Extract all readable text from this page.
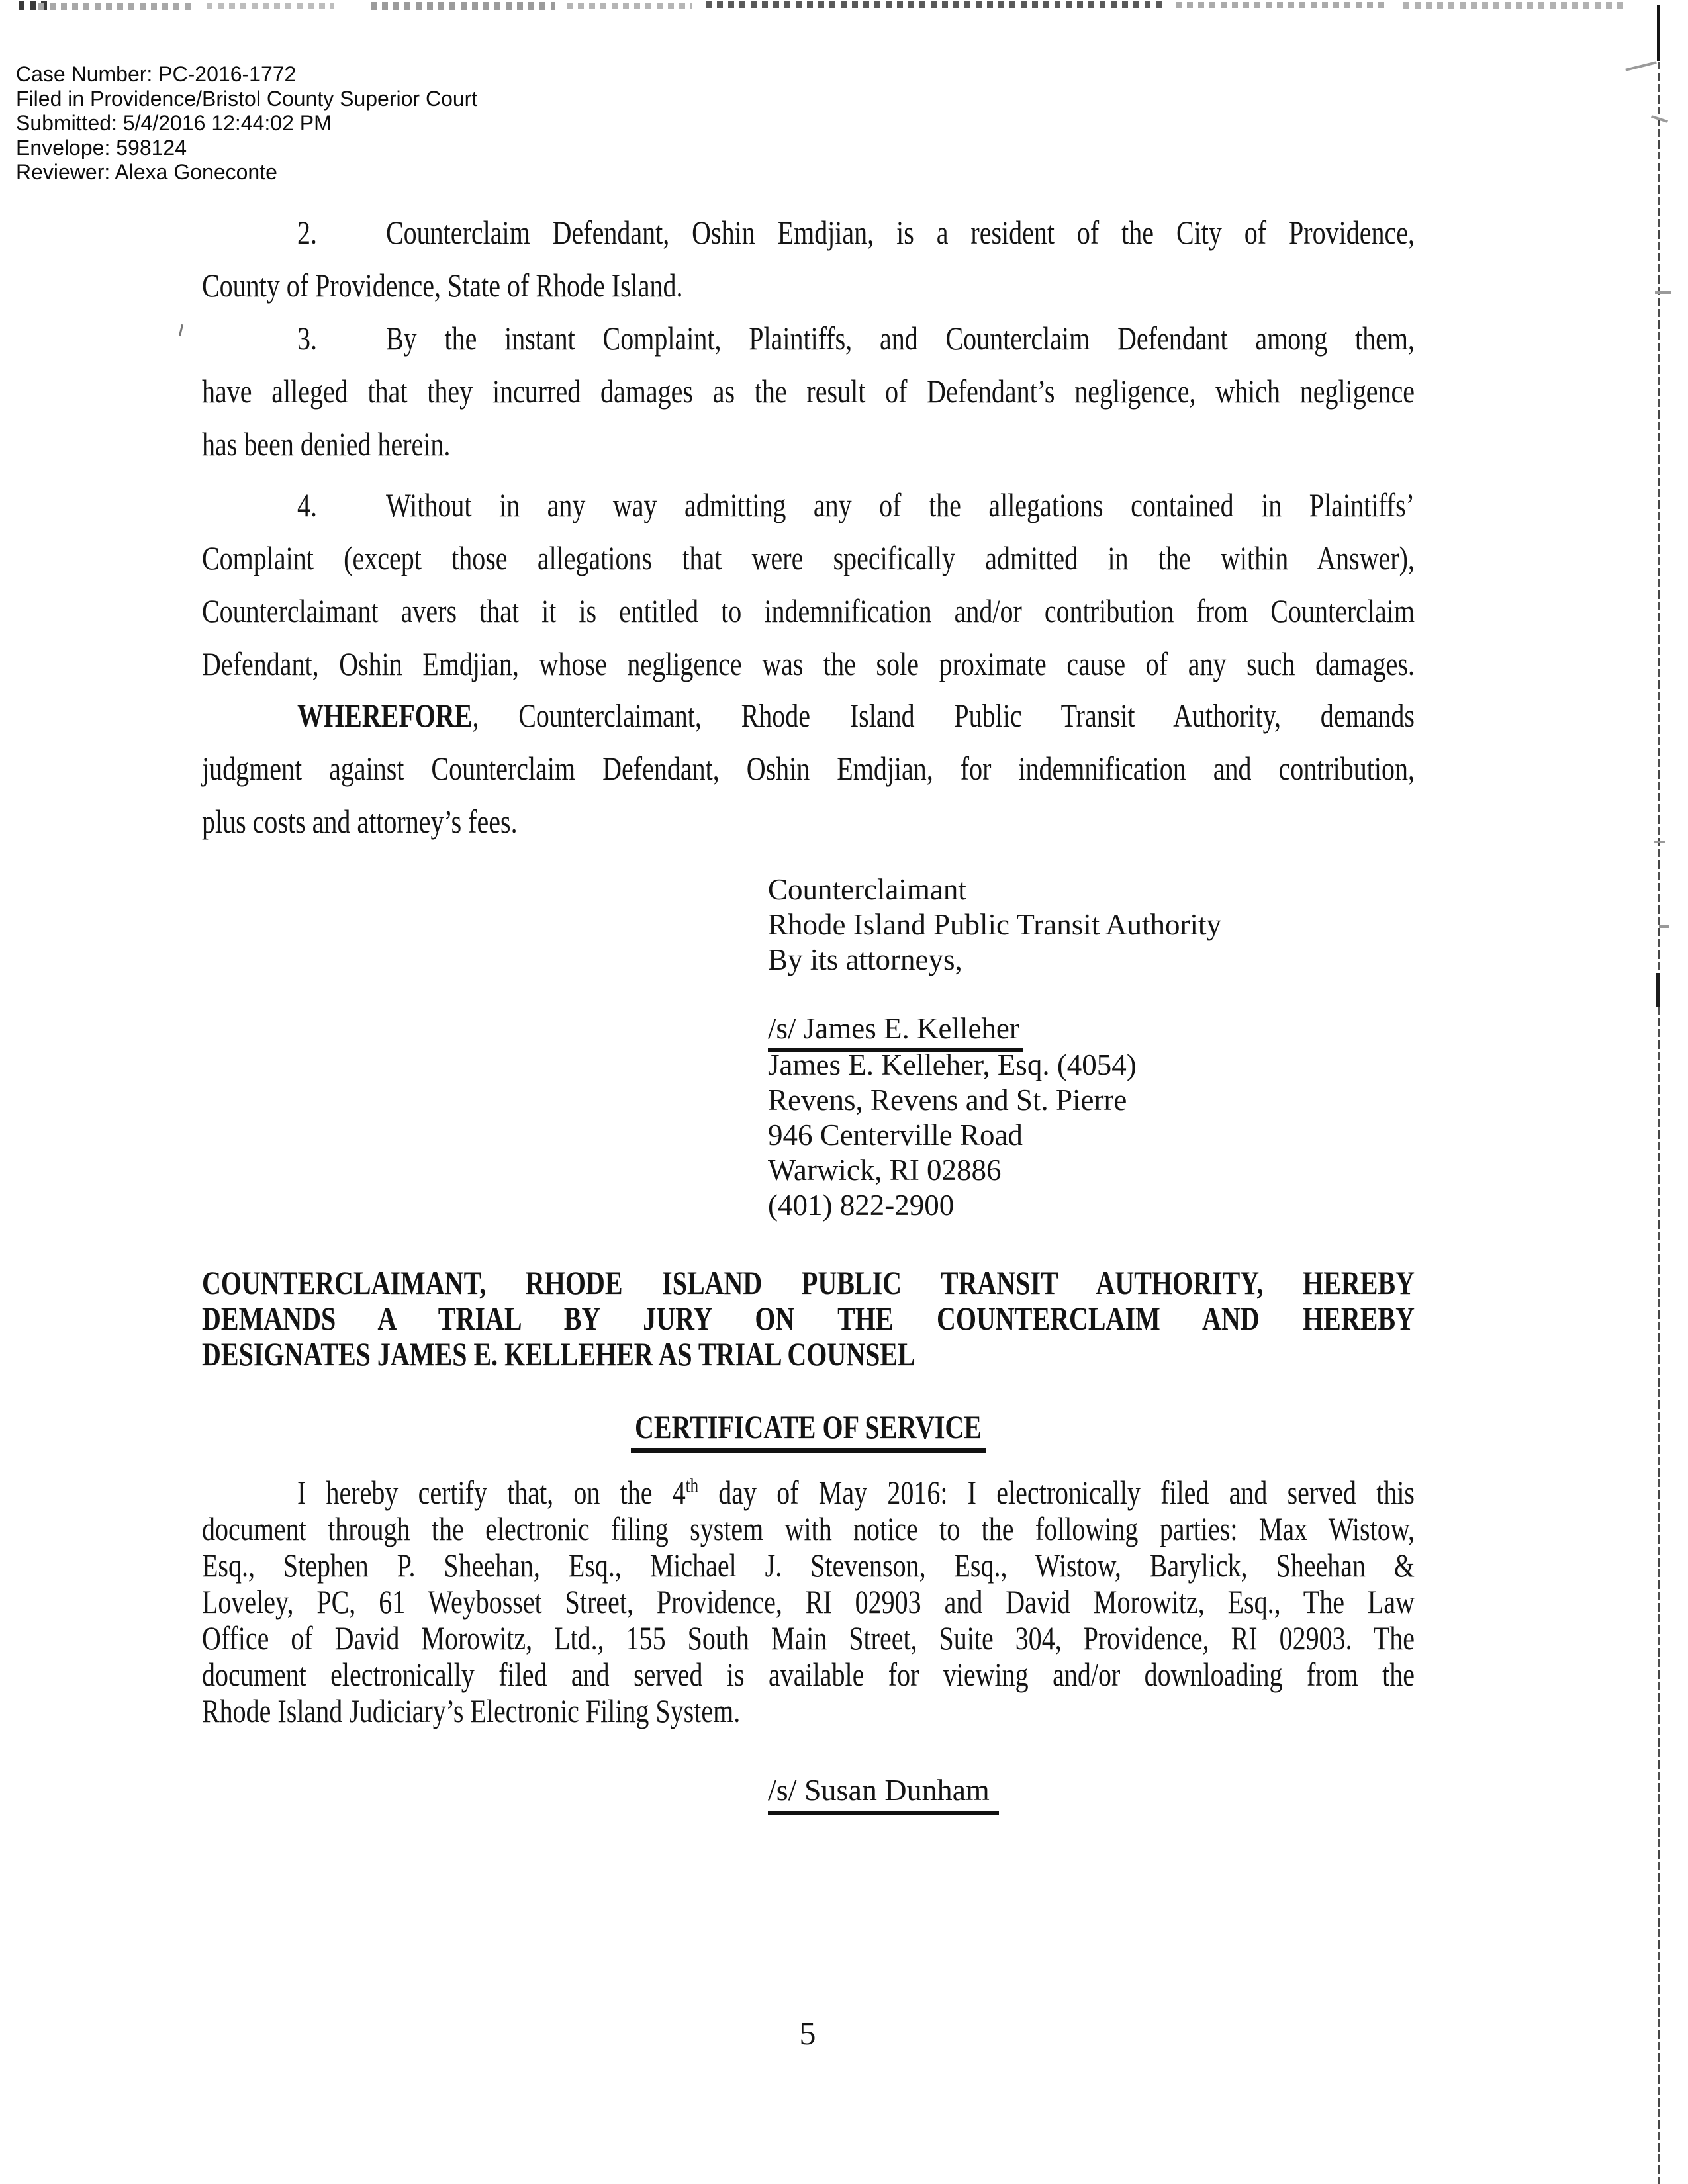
Case Number: PC-2016-1772
Filed in Providence/Bristol County Superior Court
Submitted: 5/4/2016 12:44:02 PM
Envelope: 598124
Reviewer: Alexa Goneconte
2. Counterclaim Defendant, Oshin Emdjian, is a resident of the City of Providence,
County of Providence, State of Rhode Island.
3. By the instant Complaint, Plaintiffs, and Counterclaim Defendant among them,
have alleged that they incurred damages as the result of Defendant’s negligence, which negligence
has been denied herein.
4. Without in any way admitting any of the allegations contained in Plaintiffs’
Complaint (except those allegations that were specifically admitted in the within Answer),
Counterclaimant avers that it is entitled to indemnification and/or contribution from Counterclaim
Defendant, Oshin Emdjian, whose negligence was the sole proximate cause of any such damages.
WHEREFORE, Counterclaimant, Rhode Island Public Transit Authority, demands
judgment against Counterclaim Defendant, Oshin Emdjian, for indemnification and contribution,
plus costs and attorney’s fees.
Counterclaimant
Rhode Island Public Transit Authority
By its attorneys,
/s/ James E. Kelleher
James E. Kelleher, Esq. (4054)
Revens, Revens and St. Pierre
946 Centerville Road
Warwick, RI 02886
(401) 822-2900
COUNTERCLAIMANT, RHODE ISLAND PUBLIC TRANSIT AUTHORITY, HEREBY
DEMANDS A TRIAL BY JURY ON THE COUNTERCLAIM AND HEREBY
DESIGNATES JAMES E. KELLEHER AS TRIAL COUNSEL
CERTIFICATE OF SERVICE
I hereby certify that, on the 4th day of May 2016: I electronically filed and served this
document through the electronic filing system with notice to the following parties: Max Wistow,
Esq., Stephen P. Sheehan, Esq., Michael J. Stevenson, Esq., Wistow, Barylick, Sheehan &
Loveley, PC, 61 Weybosset Street, Providence, RI 02903 and David Morowitz, Esq., The Law
Office of David Morowitz, Ltd., 155 South Main Street, Suite 304, Providence, RI 02903. The
document electronically filed and served is available for viewing and/or downloading from the
Rhode Island Judiciary’s Electronic Filing System.
/s/ Susan Dunham
5
